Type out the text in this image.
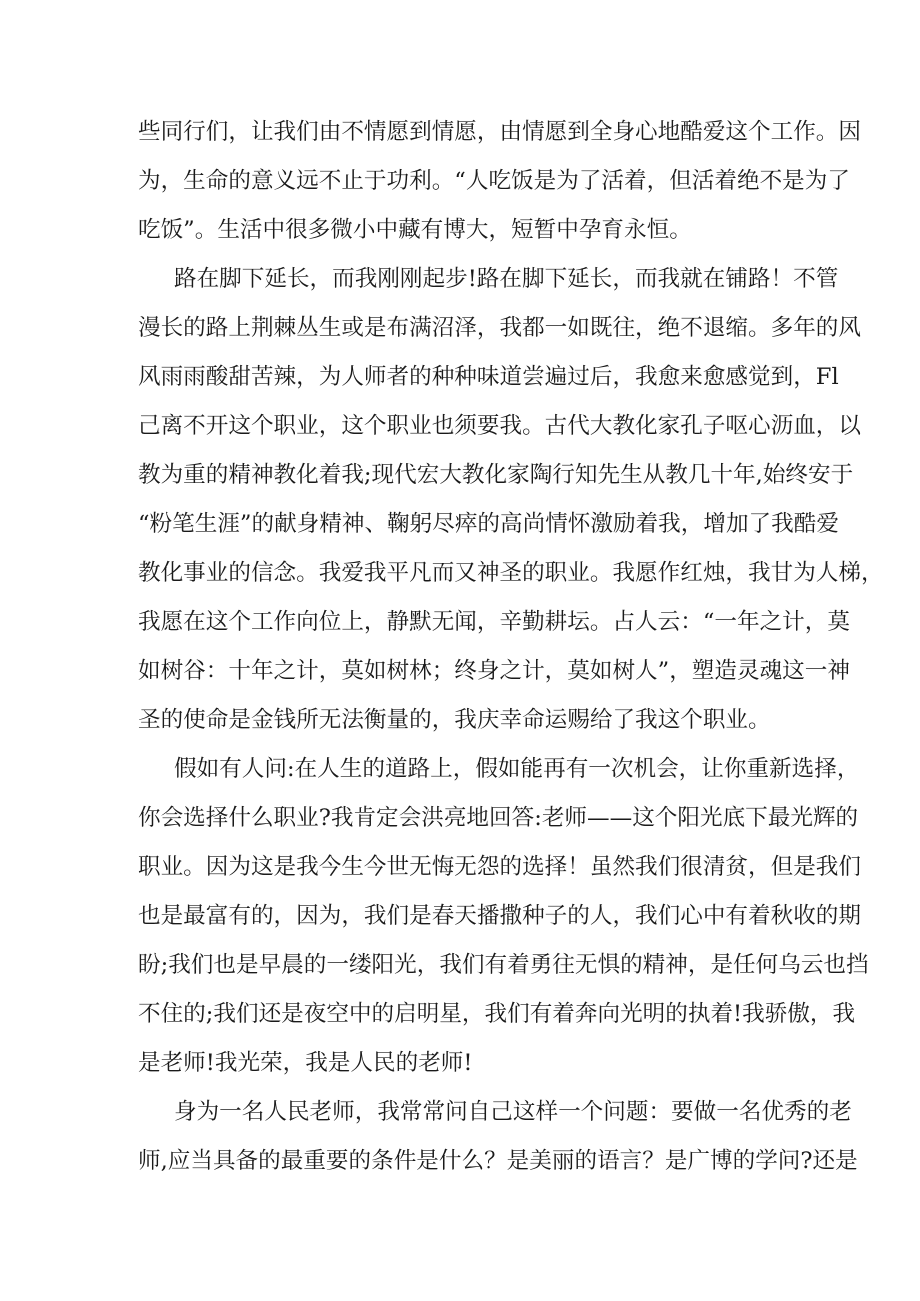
些同行们，让我们由不情愿到情愿，由情愿到全身心地酷爱这个工作。因
为，生命的意义远不止于功利。“人吃饭是为了活着，但活着绝不是为了
吃饭”。生活中很多微小中藏有博大，短暂中孕育永恒。
路在脚下延长，而我刚刚起步!路在脚下延长，而我就在铺路！不管
漫长的路上荆棘丛生或是布满沼泽，我都一如既往，绝不退缩。多年的风
风雨雨酸甜苦辣，为人师者的种种味道尝遍过后，我愈来愈感觉到，Fl
己离不开这个职业，这个职业也须要我。古代大教化家孔子呕心沥血，以
教为重的精神教化着我;现代宏大教化家陶行知先生从教几十年,始终安于
“粉笔生涯”的献身精神、鞠躬尽瘁的高尚情怀激励着我，增加了我酷爱
教化事业的信念。我爱我平凡而又神圣的职业。我愿作红烛，我甘为人梯，
我愿在这个工作向位上，静默无闻，辛勤耕坛。占人云：“一年之计，莫
如树谷：十年之计，莫如树林；终身之计，莫如树人”，塑造灵魂这一神
圣的使命是金钱所无法衡量的，我庆幸命运赐给了我这个职业。
假如有人问:在人生的道路上，假如能再有一次机会，让你重新选择，
你会选择什么职业?我肯定会洪亮地回答:老师——这个阳光底下最光辉的
职业。因为这是我今生今世无悔无怨的选择！虽然我们很清贫，但是我们
也是最富有的，因为，我们是春天播撒种子的人，我们心中有着秋收的期
盼;我们也是早晨的一缕阳光，我们有着勇往无惧的精神，是任何乌云也挡
不住的;我们还是夜空中的启明星，我们有着奔向光明的执着!我骄傲，我
是老师!我光荣，我是人民的老师!
身为一名人民老师，我常常问自己这样一个问题：要做一名优秀的老
师,应当具备的最重要的条件是什么？是美丽的语言？是广博的学问?还是
